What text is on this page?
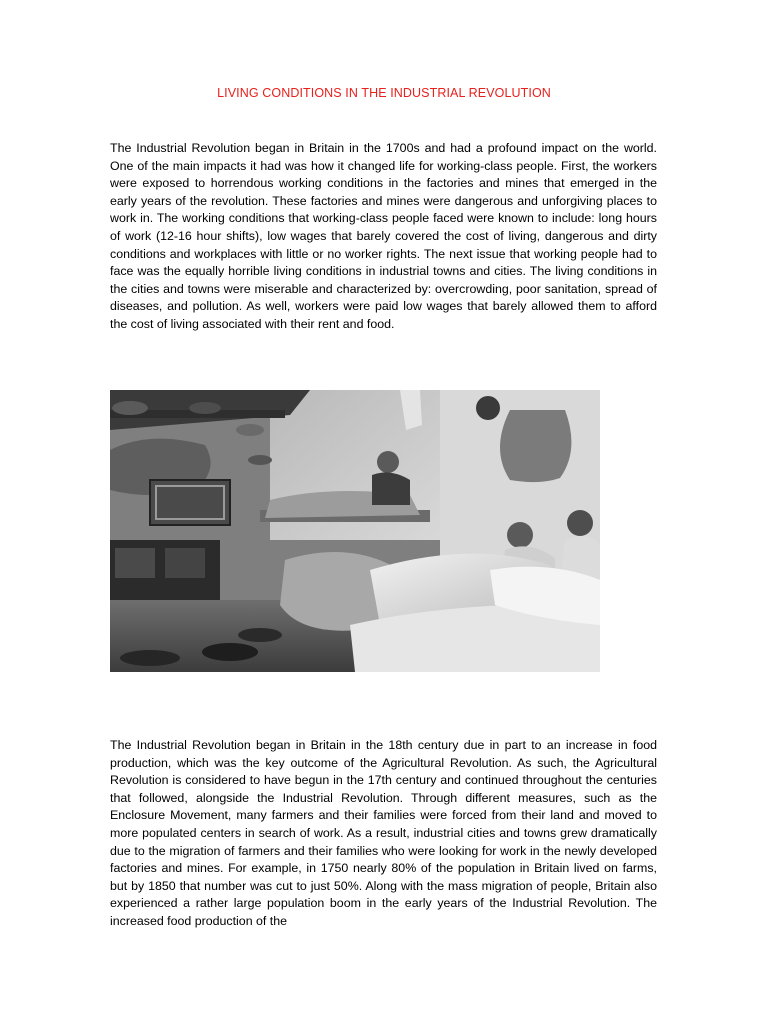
LIVING CONDITIONS IN THE INDUSTRIAL REVOLUTION

The Industrial Revolution began in Britain in the 1700s and had a profound impact on the world. One of the main impacts it had was how it changed life for working-class people. First, the workers were exposed to horrendous working conditions in the factories and mines that emerged in the early years of the revolution. These factories and mines were dangerous and unforgiving places to work in. The working conditions that working-class people faced were known to include: long hours of work (12-16 hour shifts), low wages that barely covered the cost of living, dangerous and dirty conditions and workplaces with little or no worker rights. The next issue that working people had to face was the equally horrible living conditions in industrial towns and cities. The living conditions in the cities and towns were miserable and characterized by: overcrowding, poor sanitation, spread of diseases, and pollution. As well, workers were paid low wages that barely allowed them to afford the cost of living associated with their rent and food.

The Industrial Revolution began in Britain in the 18th century due in part to an increase in food production, which was the key outcome of the Agricultural Revolution. As such, the Agricultural Revolution is considered to have begun in the 17th century and continued throughout the centuries that followed, alongside the Industrial Revolution. Through different measures, such as the Enclosure Movement, many farmers and their families were forced from their land and moved to more populated centers in search of work. As a result, industrial cities and towns grew dramatically due to the migration of farmers and their families who were looking for work in the newly developed factories and mines. For example, in 1750 nearly 80% of the population in Britain lived on farms, but by 1850 that number was cut to just 50%. Along with the mass migration of people, Britain also experienced a rather large population boom in the early years of the Industrial Revolution. The increased food production of the
